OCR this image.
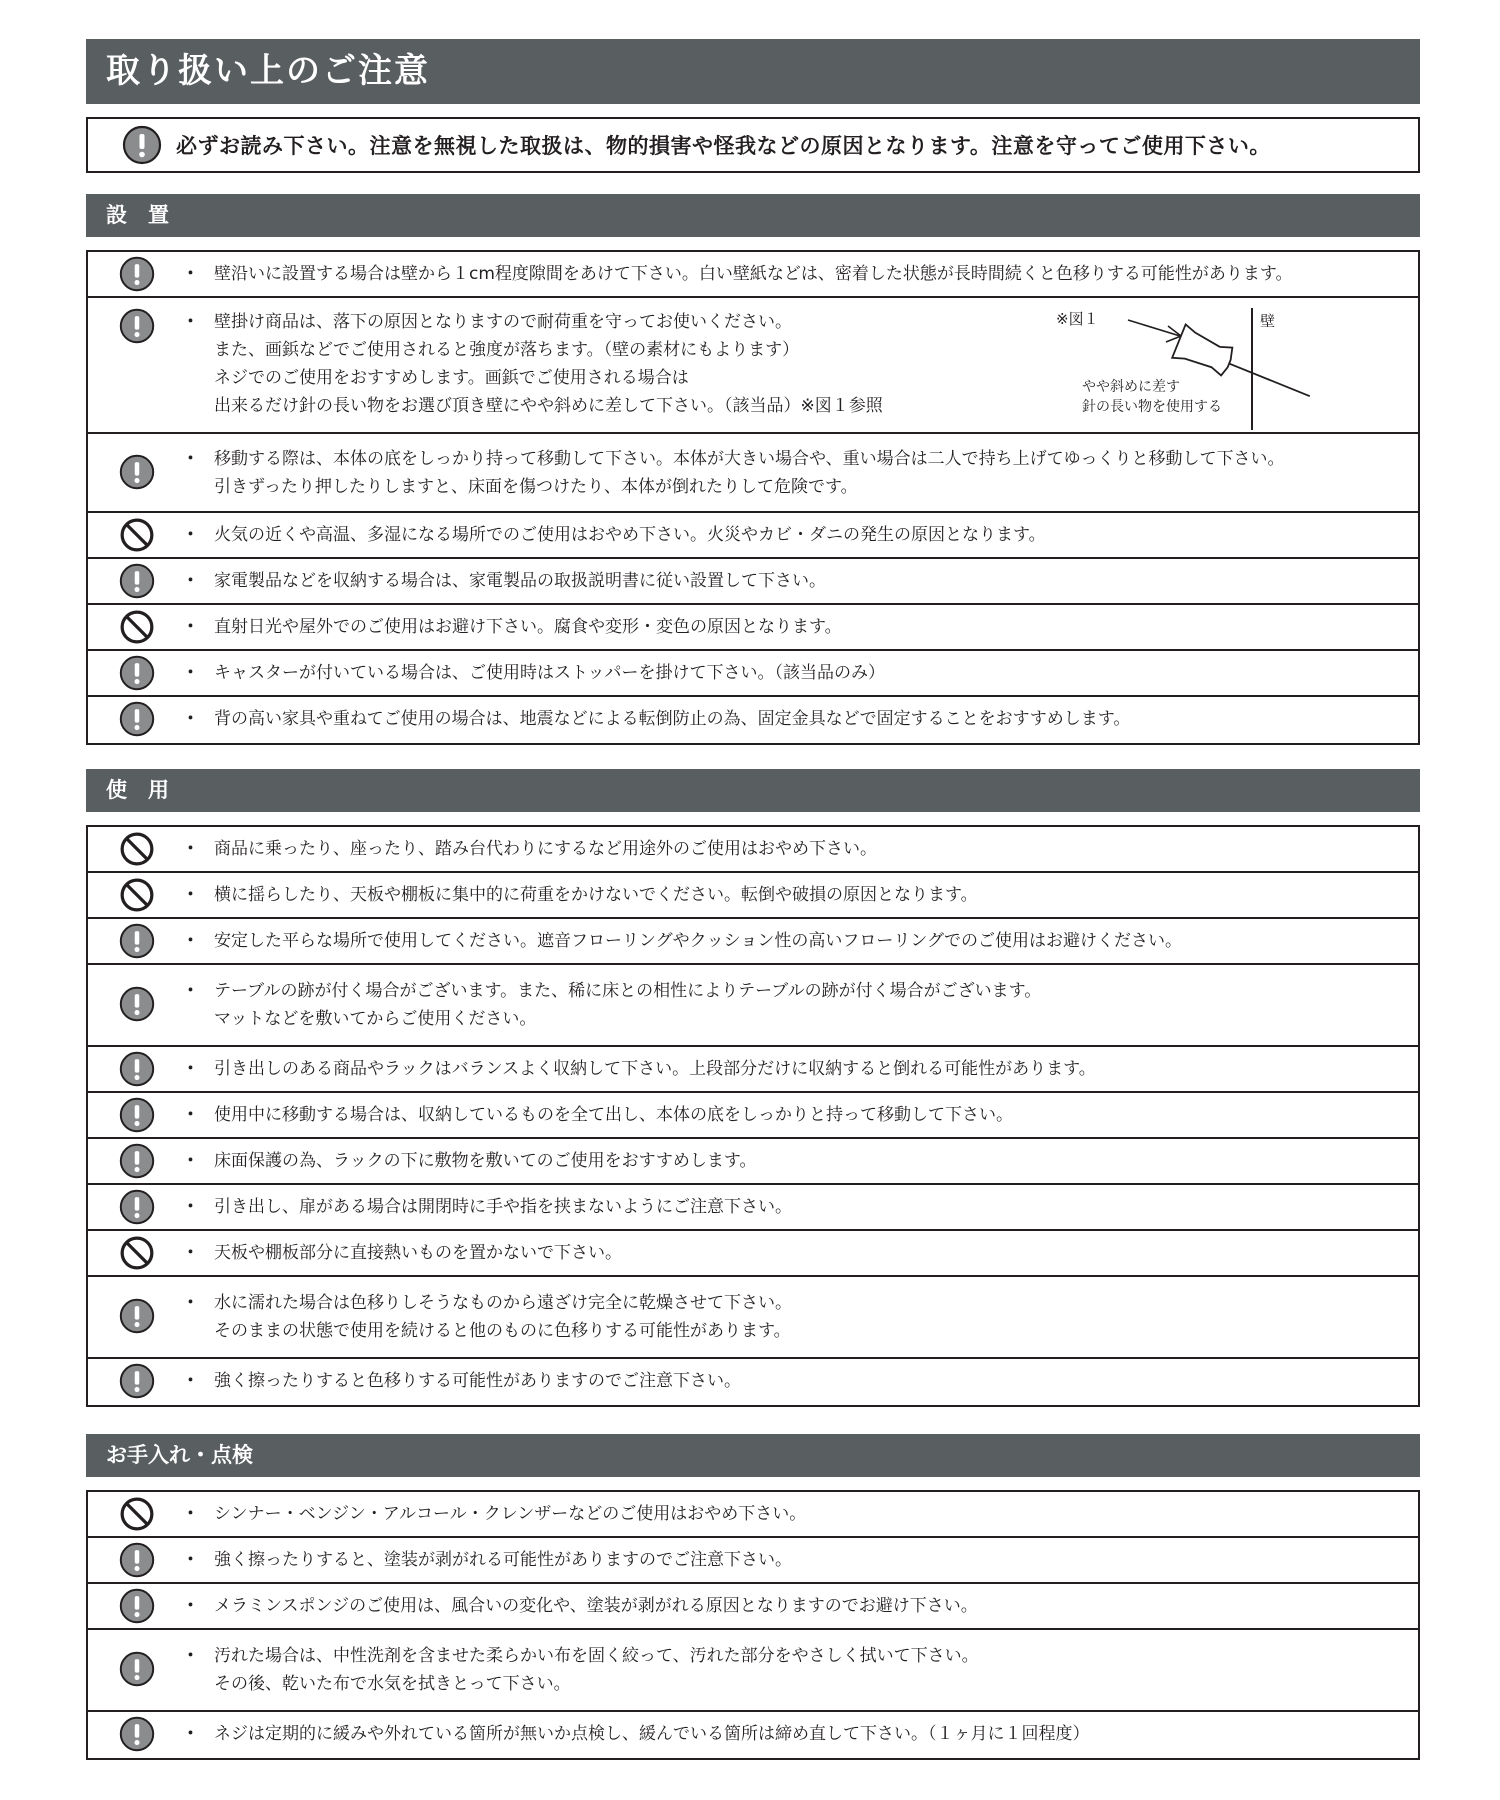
取り扱い上のご注意
必ずお読み下さい。注意を無視した取扱は、物的損害や怪我などの原因となります。注意を守ってご使用下さい。
設　置
・ 壁沿いに設置する場合は壁から１cm程度隙間をあけて下さい。白い壁紙などは、密着した状態が長時間続くと色移りする可能性があります。
・ 壁掛け商品は、落下の原因となりますので耐荷重を守ってお使いください。
また、画鋲などでご使用されると強度が落ちます。（壁の素材にもよります）
ネジでのご使用をおすすめします。画鋲でご使用される場合は
出来るだけ針の長い物をお選び頂き壁にやや斜めに差して下さい。（該当品）※図１参照
※図１	壁
やや斜めに差す
針の長い物を使用する
・ 移動する際は、本体の底をしっかり持って移動して下さい。本体が大きい場合や、重い場合は二人で持ち上げてゆっくりと移動して下さい。
引きずったり押したりしますと、床面を傷つけたり、本体が倒れたりして危険です。
・ 火気の近くや高温、多湿になる場所でのご使用はおやめ下さい。火災やカビ・ダニの発生の原因となります。
・ 家電製品などを収納する場合は、家電製品の取扱説明書に従い設置して下さい。
・ 直射日光や屋外でのご使用はお避け下さい。腐食や変形・変色の原因となります。
・ キャスターが付いている場合は、ご使用時はストッパーを掛けて下さい。（該当品のみ）
・ 背の高い家具や重ねてご使用の場合は、地震などによる転倒防止の為、固定金具などで固定することをおすすめします。
使　用
・ 商品に乗ったり、座ったり、踏み台代わりにするなど用途外のご使用はおやめ下さい。
・ 横に揺らしたり、天板や棚板に集中的に荷重をかけないでください。転倒や破損の原因となります。
・ 安定した平らな場所で使用してください。遮音フローリングやクッション性の高いフローリングでのご使用はお避けください。
・ テーブルの跡が付く場合がございます。また、稀に床との相性によりテーブルの跡が付く場合がございます。
マットなどを敷いてからご使用ください。
・ 引き出しのある商品やラックはバランスよく収納して下さい。上段部分だけに収納すると倒れる可能性があります。
・ 使用中に移動する場合は、収納しているものを全て出し、本体の底をしっかりと持って移動して下さい。
・ 床面保護の為、ラックの下に敷物を敷いてのご使用をおすすめします。
・ 引き出し、扉がある場合は開閉時に手や指を挟まないようにご注意下さい。
・ 天板や棚板部分に直接熱いものを置かないで下さい。
・ 水に濡れた場合は色移りしそうなものから遠ざけ完全に乾燥させて下さい。
そのままの状態で使用を続けると他のものに色移りする可能性があります。
・ 強く擦ったりすると色移りする可能性がありますのでご注意下さい。
お手入れ・点検
・ シンナー・ベンジン・アルコール・クレンザーなどのご使用はおやめ下さい。
・ 強く擦ったりすると、塗装が剥がれる可能性がありますのでご注意下さい。
・ メラミンスポンジのご使用は、風合いの変化や、塗装が剥がれる原因となりますのでお避け下さい。
・ 汚れた場合は、中性洗剤を含ませた柔らかい布を固く絞って、汚れた部分をやさしく拭いて下さい。
その後、乾いた布で水気を拭きとって下さい。
・ ネジは定期的に緩みや外れている箇所が無いか点検し、緩んでいる箇所は締め直して下さい。（１ヶ月に１回程度）
